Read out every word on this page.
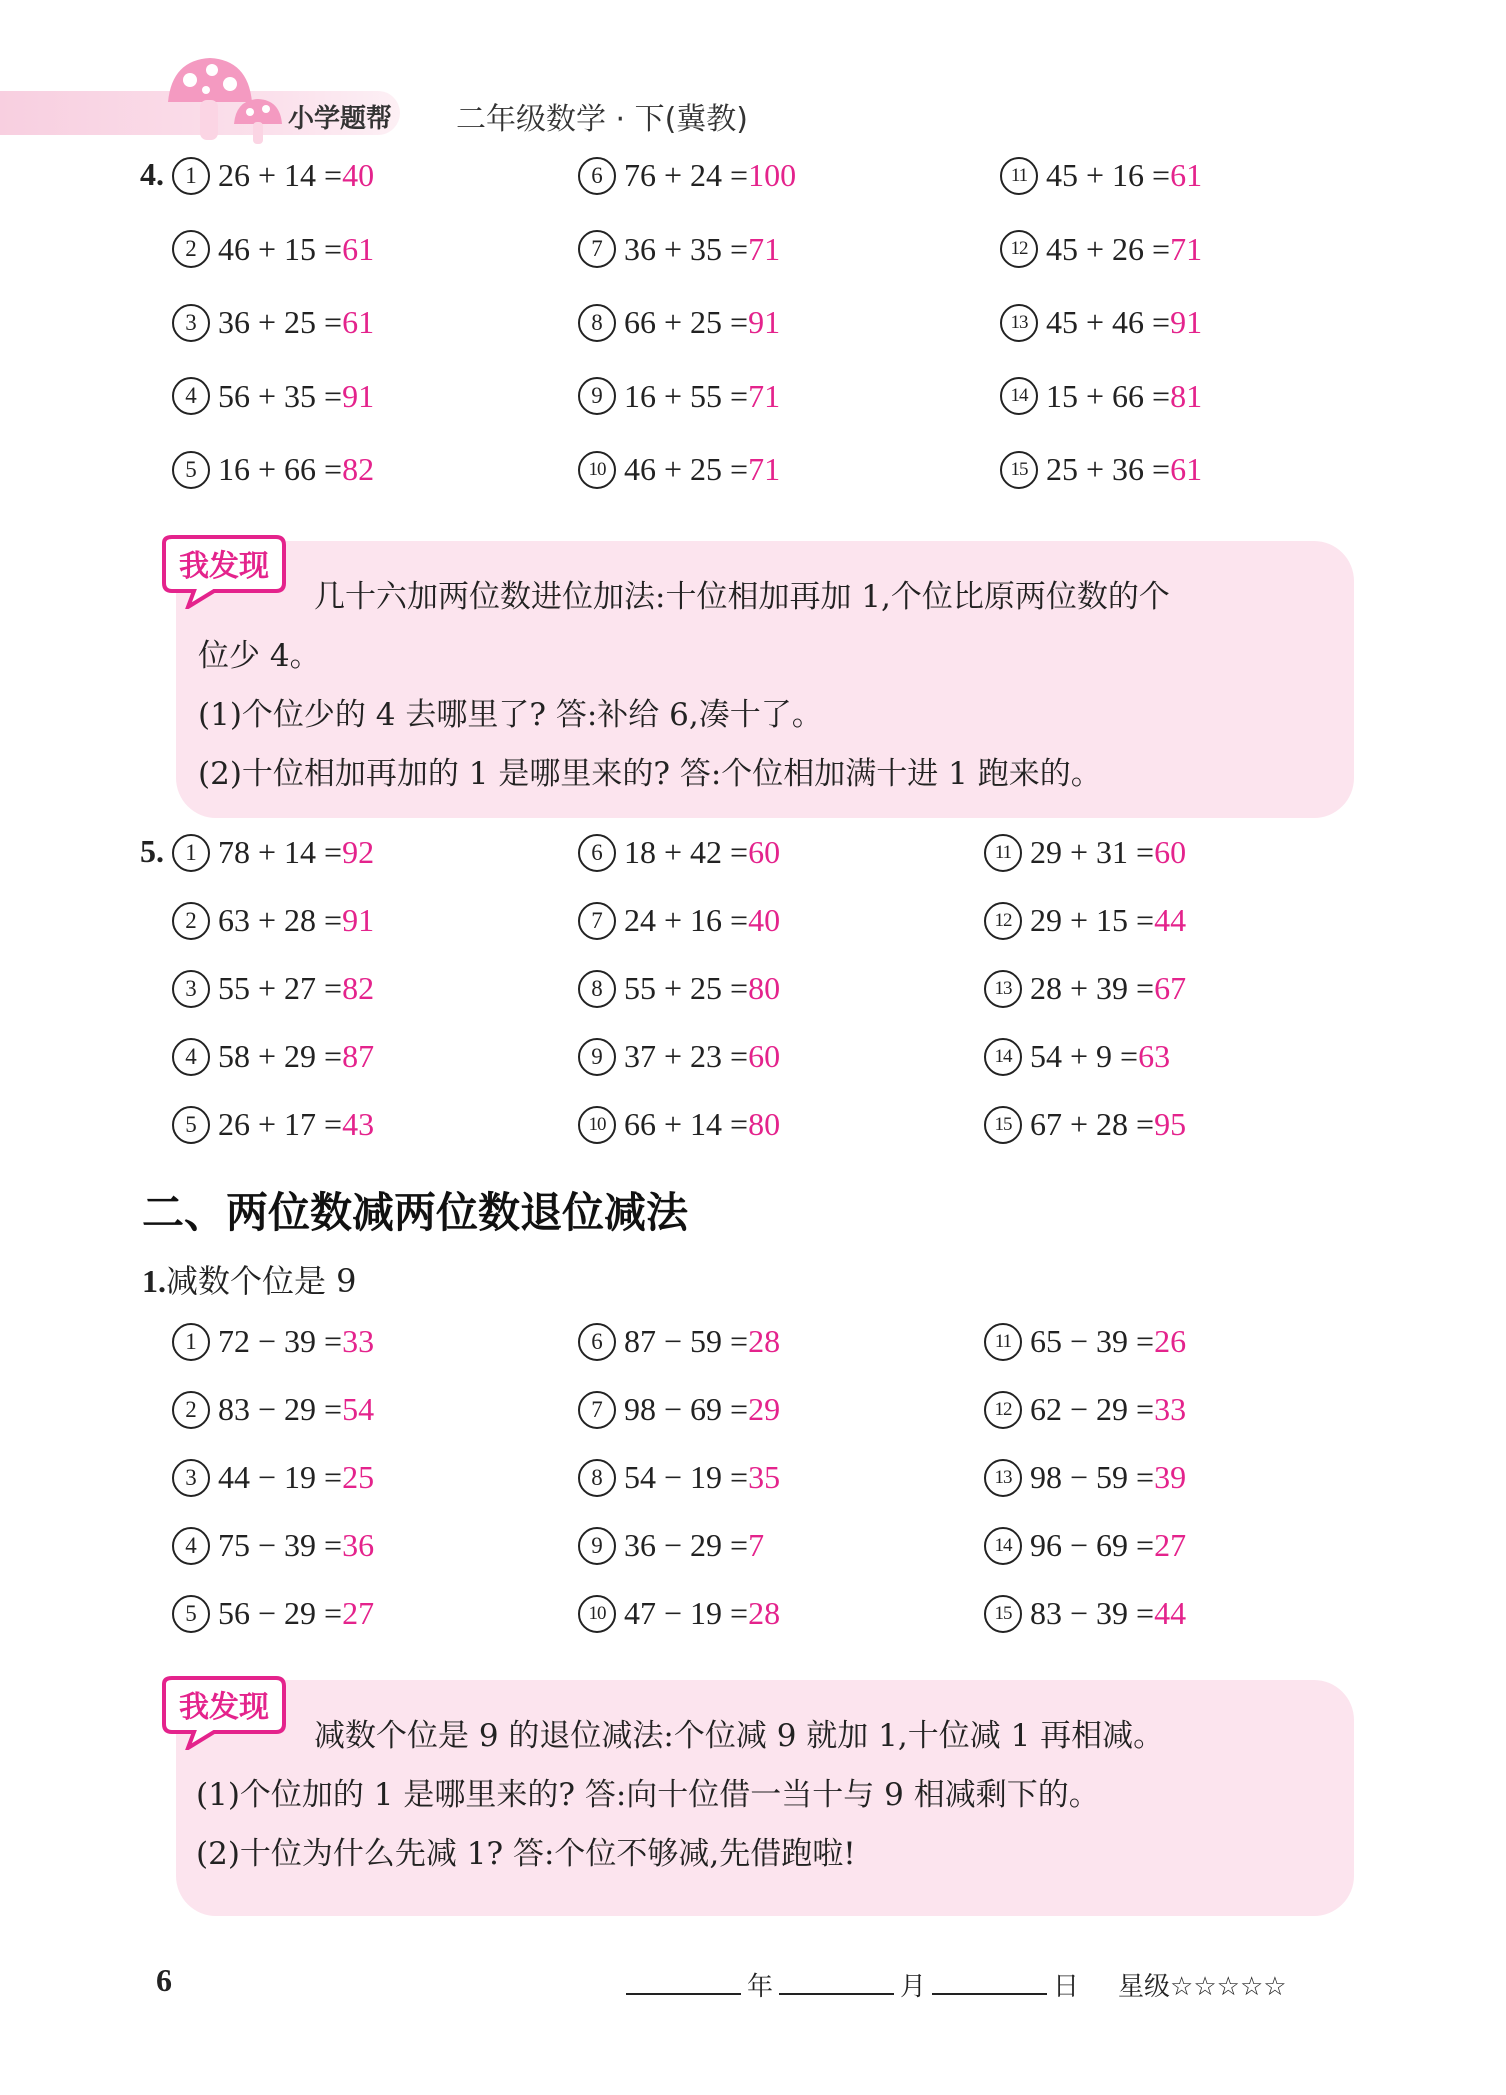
小学题帮 二年级数学 · 下(冀教)
4. 1 26 + 14 =40
2 46 + 15 =61
3 36 + 25 =61
4 56 + 35 =91
5 16 + 66 =82
6 76 + 24 =100
7 36 + 35 =71
8 66 + 25 =91
9 16 + 55 =71
10 46 + 25 =71
11 45 + 16 =61
12 45 + 26 =71
13 45 + 46 =91
14 15 + 66 =81
15 25 + 36 =61
我发现
几十六加两位数进位加法:十位相加再加 1,个位比原两位数的个
位少 4。
(1)个位少的 4 去哪里了? 答:补给 6,凑十了。
(2)十位相加再加的 1 是哪里来的? 答:个位相加满十进 1 跑来的。
5. 1 78 + 14 =92
2 63 + 28 =91
3 55 + 27 =82
4 58 + 29 =87
5 26 + 17 =43
6 18 + 42 =60
7 24 + 16 =40
8 55 + 25 =80
9 37 + 23 =60
10 66 + 14 =80
11 29 + 31 =60
12 29 + 15 =44
13 28 + 39 =67
14 54 + 9 =63
15 67 + 28 =95
二、两位数减两位数退位减法
1.减数个位是 9
1 72 − 39 =33
2 83 − 29 =54
3 44 − 19 =25
4 75 − 39 =36
5 56 − 29 =27
6 87 − 59 =28
7 98 − 69 =29
8 54 − 19 =35
9 36 − 29 =7
10 47 − 19 =28
11 65 − 39 =26
12 62 − 29 =33
13 98 − 59 =39
14 96 − 69 =27
15 83 − 39 =44
我发现
减数个位是 9 的退位减法:个位减 9 就加 1,十位减 1 再相减。
(1)个位加的 1 是哪里来的? 答:向十位借一当十与 9 相减剩下的。
(2)十位为什么先减 1? 答:个位不够减,先借跑啦!
6	年	月	日 星级☆☆☆☆☆
